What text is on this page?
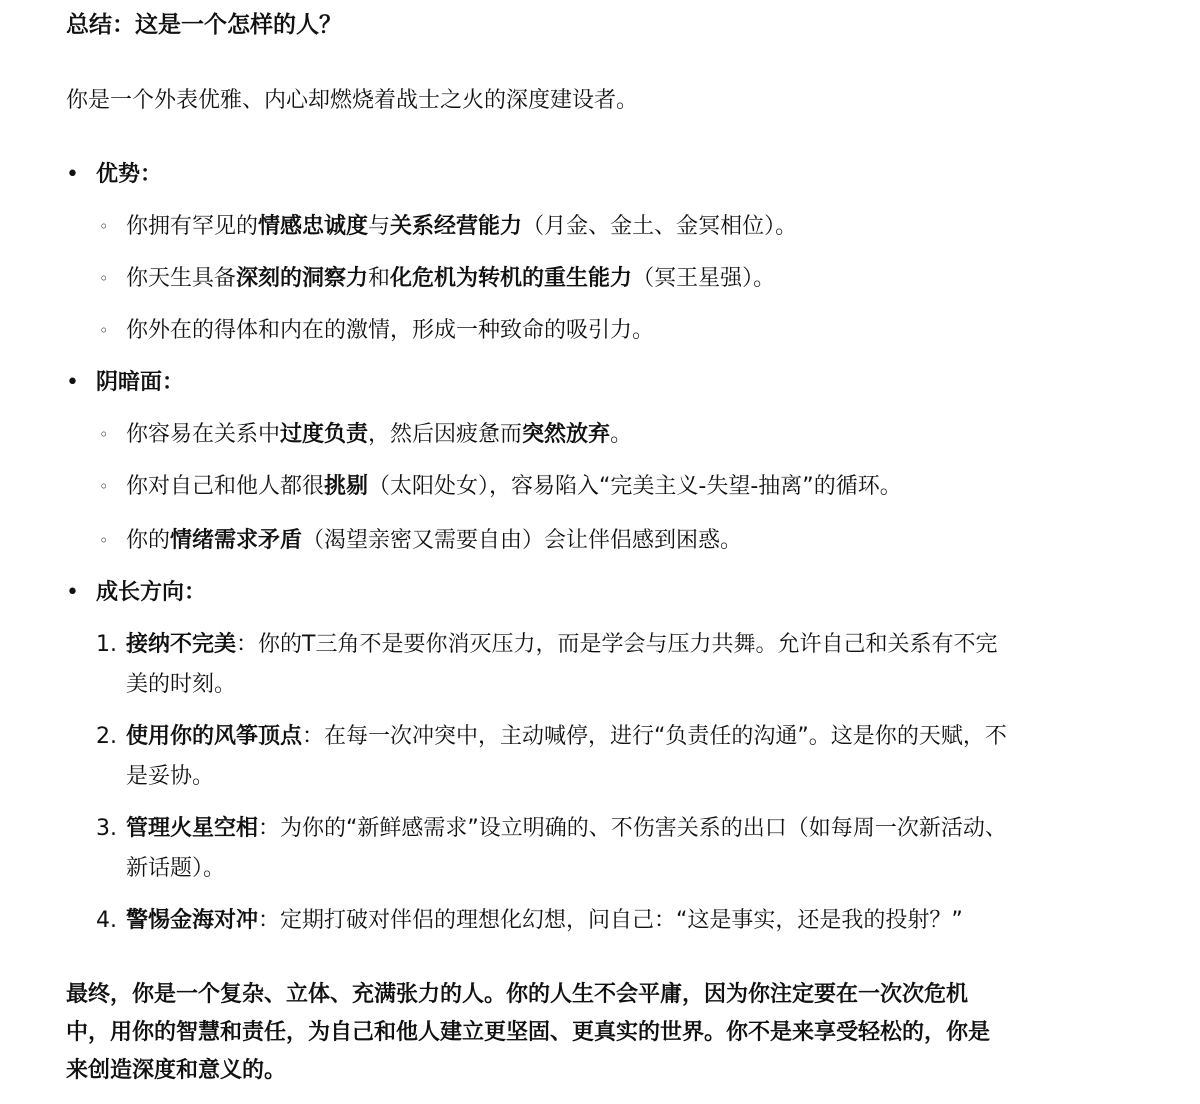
总结：这是一个怎样的人？
你是一个外表优雅、内心却燃烧着战士之火的深度建设者。
• 优势：
◦ 你拥有罕见的情感忠诚度与关系经营能力（月金、金土、金冥相位）。
◦ 你天生具备深刻的洞察力和化危机为转机的重生能力（冥王星强）。
◦ 你外在的得体和内在的激情，形成一种致命的吸引力。
• 阴暗面：
◦ 你容易在关系中过度负责，然后因疲惫而突然放弃。
◦ 你对自己和他人都很挑剔（太阳处女），容易陷入“完美主义-失望-抽离”的循环。
◦ 你的情绪需求矛盾（渴望亲密又需要自由）会让伴侣感到困惑。
• 成长方向：
1. 接纳不完美：你的T三角不是要你消灭压力，而是学会与压力共舞。允许自己和关系有不完
美的时刻。
2. 使用你的风筝顶点：在每一次冲突中，主动喊停，进行“负责任的沟通”。这是你的天赋，不
是妥协。
3. 管理火星空相：为你的“新鲜感需求”设立明确的、不伤害关系的出口（如每周一次新活动、
新话题）。
4. 警惕金海对冲：定期打破对伴侣的理想化幻想，问自己：“这是事实，还是我的投射？”
最终，你是一个复杂、立体、充满张力的人。你的人生不会平庸，因为你注定要在一次次危机
中，用你的智慧和责任，为自己和他人建立更坚固、更真实的世界。你不是来享受轻松的，你是
来创造深度和意义的。
